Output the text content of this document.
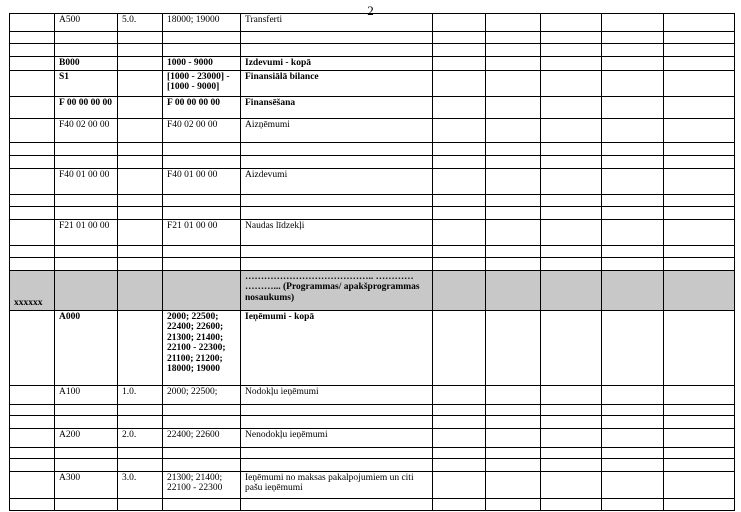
2
	A500	5.0.	18000; 19000	Transferti					

	B000		1000 - 9000	Izdevumi - kopā					
	S1		[1000 - 23000] - [1000 - 9000]	Finansiālā bilance					
	F 00 00 00 00		F 00 00 00 00	Finansēšana					
	F40 02 00 00		F40 02 00 00	Aizņēmumi					

	F40 01 00 00		F40 01 00 00	Aizdevumi					

	F21 01 00 00		F21 01 00 00	Naudas līdzekļi					

xxxxxx				………………………………….. ………… ………... (Programmas/ apakšprogrammas nosaukums)					
	A000		2000; 22500; 22400; 22600; 21300; 21400; 22100 - 22300; 21100; 21200; 18000; 19000	Ieņēmumi - kopā					
	A100	1.0.	2000; 22500;	Nodokļu ieņēmumi					

	A200	2.0.	22400; 22600	Nenodokļu ieņēmumi					

	A300	3.0.	21300; 21400; 22100 - 22300	Ieņēmumi no maksas pakalpojumiem un citi pašu ieņēmumi					
